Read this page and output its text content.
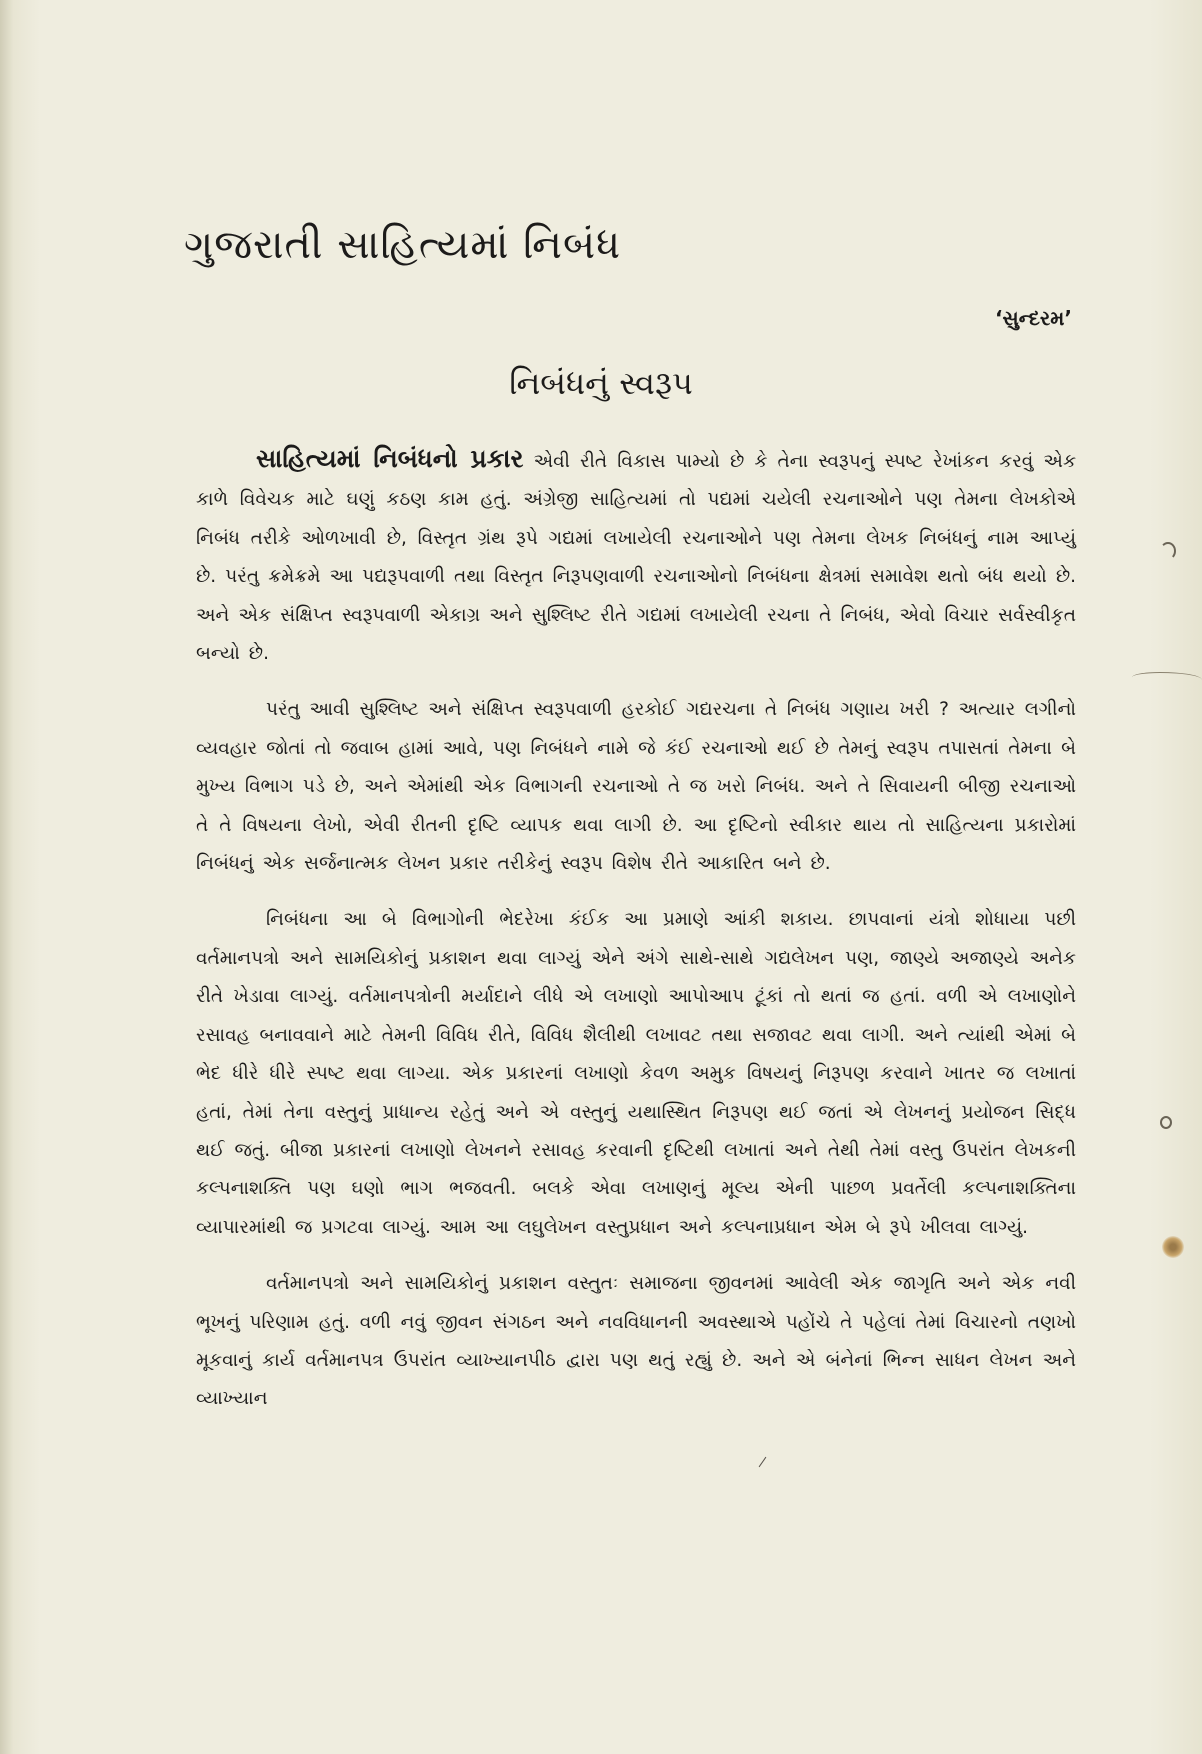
ગુજરાતી સાહિત્યમાં નિબંધ
‘સુન્દરમ’
નિબંધનું સ્વરૂપ

સાહિત્યમાં નિબંધનો પ્રકાર એવી રીતે વિકાસ પામ્યો છે કે તેના સ્વરૂપનું સ્પષ્ટ રેખાંકન કરવું એક કાળે વિવેચક માટે ઘણું કઠણ કામ હતું. અંગ્રેજી સાહિત્યમાં તો પદ્યમાં ચયેલી રચનાઓને પણ તેમના લેખકોએ નિબંધ તરીકે ઓળખાવી છે, વિસ્તૃત ગ્રંથ રૂપે ગદ્યમાં લખાયેલી રચનાઓને પણ તેમના લેખક નિબંધનું નામ આપ્યું છે. પરંતુ ક્રમેક્રમે આ પદ્યરૂપવાળી તથા વિસ્તૃત નિરૂપણવાળી રચનાઓનો નિબંધના ક્ષેત્રમાં સમાવેશ થતો બંધ થયો છે. અને એક સંક્ષિપ્ત સ્વરૂપવાળી એકાગ્ર અને સુશ્લિષ્ટ રીતે ગદ્યમાં લખાયેલી રચના તે નિબંધ, એવો વિચાર સર્વસ્વીકૃત બન્યો છે.

પરંતુ આવી સુશ્લિષ્ટ અને સંક્ષિપ્ત સ્વરૂપવાળી હરકોઈ ગદ્યરચના તે નિબંધ ગણાય ખરી ? અત્યાર લગીનો વ્યવહાર જોતાં તો જવાબ હામાં આવે, પણ નિબંધને નામે જે કંઈ રચનાઓ થઈ છે તેમનું સ્વરૂપ તપાસતાં તેમના બે મુખ્ય વિભાગ પડે છે, અને એમાંથી એક વિભાગની રચનાઓ તે જ ખરો નિબંધ. અને તે સિવાયની બીજી રચનાઓ તે તે વિષયના લેખો, એવી રીતની દૃષ્ટિ વ્યાપક થવા લાગી છે. આ દૃષ્ટિનો સ્વીકાર થાય તો સાહિત્યના પ્રકારોમાં નિબંધનું એક સર્જનાત્મક લેખન પ્રકાર તરીકેનું સ્વરૂપ વિશેષ રીતે આકારિત બને છે.

નિબંધના આ બે વિભાગોની ભેદરેખા કંઈક આ પ્રમાણે આંકી શકાય. છાપવાનાં યંત્રો શોધાયા પછી વર્તમાનપત્રો અને સામયિકોનું પ્રકાશન થવા લાગ્યું એને અંગે સાથે-સાથે ગદ્યલેખન પણ, જાણ્યે અજાણ્યે અનેક રીતે ખેડાવા લાગ્યું. વર્તમાનપત્રોની મર્યાદાને લીધે એ લખાણો આપોઆપ ટૂંકાં તો થતાં જ હતાં. વળી એ લખાણોને રસાવહ બનાવવાને માટે તેમની વિવિધ રીતે, વિવિધ શૈલીથી લખાવટ તથા સજાવટ થવા લાગી. અને ત્યાંથી એમાં બે ભેદ ધીરે ધીરે સ્પષ્ટ થવા લાગ્યા. એક પ્રકારનાં લખાણો કેવળ અમુક વિષયનું નિરૂપણ કરવાને ખાતર જ લખાતાં હતાં, તેમાં તેના વસ્તુનું પ્રાધાન્ય રહેતું અને એ વસ્તુનું યથાસ્થિત નિરૂપણ થઈ જતાં એ લેખનનું પ્રયોજન સિદ્ધ થઈ જતું. બીજા પ્રકારનાં લખાણો લેખનને રસાવહ કરવાની દૃષ્ટિથી લખાતાં અને તેથી તેમાં વસ્તુ ઉપરાંત લેખકની કલ્પનાશક્તિ પણ ઘણો ભાગ ભજવતી. બલકે એવા લખાણનું મૂલ્ય એની પાછળ પ્રવર્તેલી કલ્પનાશક્તિના વ્યાપારમાંથી જ પ્રગટવા લાગ્યું. આમ આ લઘુલેખન વસ્તુપ્રધાન અને કલ્પનાપ્રધાન એમ બે રૂપે ખીલવા લાગ્યું.

વર્તમાનપત્રો અને સામયિકોનું પ્રકાશન વસ્તુતઃ સમાજના જીવનમાં આવેલી એક જાગૃતિ અને એક નવી ભૂખનું પરિણામ હતું. વળી નવું જીવન સંગઠન અને નવવિધાનની અવસ્થાએ પહોંચે તે પહેલાં તેમાં વિચારનો તણખો મૂકવાનું કાર્ય વર્તમાનપત્ર ઉપરાંત વ્યાખ્યાનપીઠ દ્વારા પણ થતું રહ્યું છે. અને એ બંનેનાં ભિન્ન સાધન લેખન અને વ્યાખ્યાન
